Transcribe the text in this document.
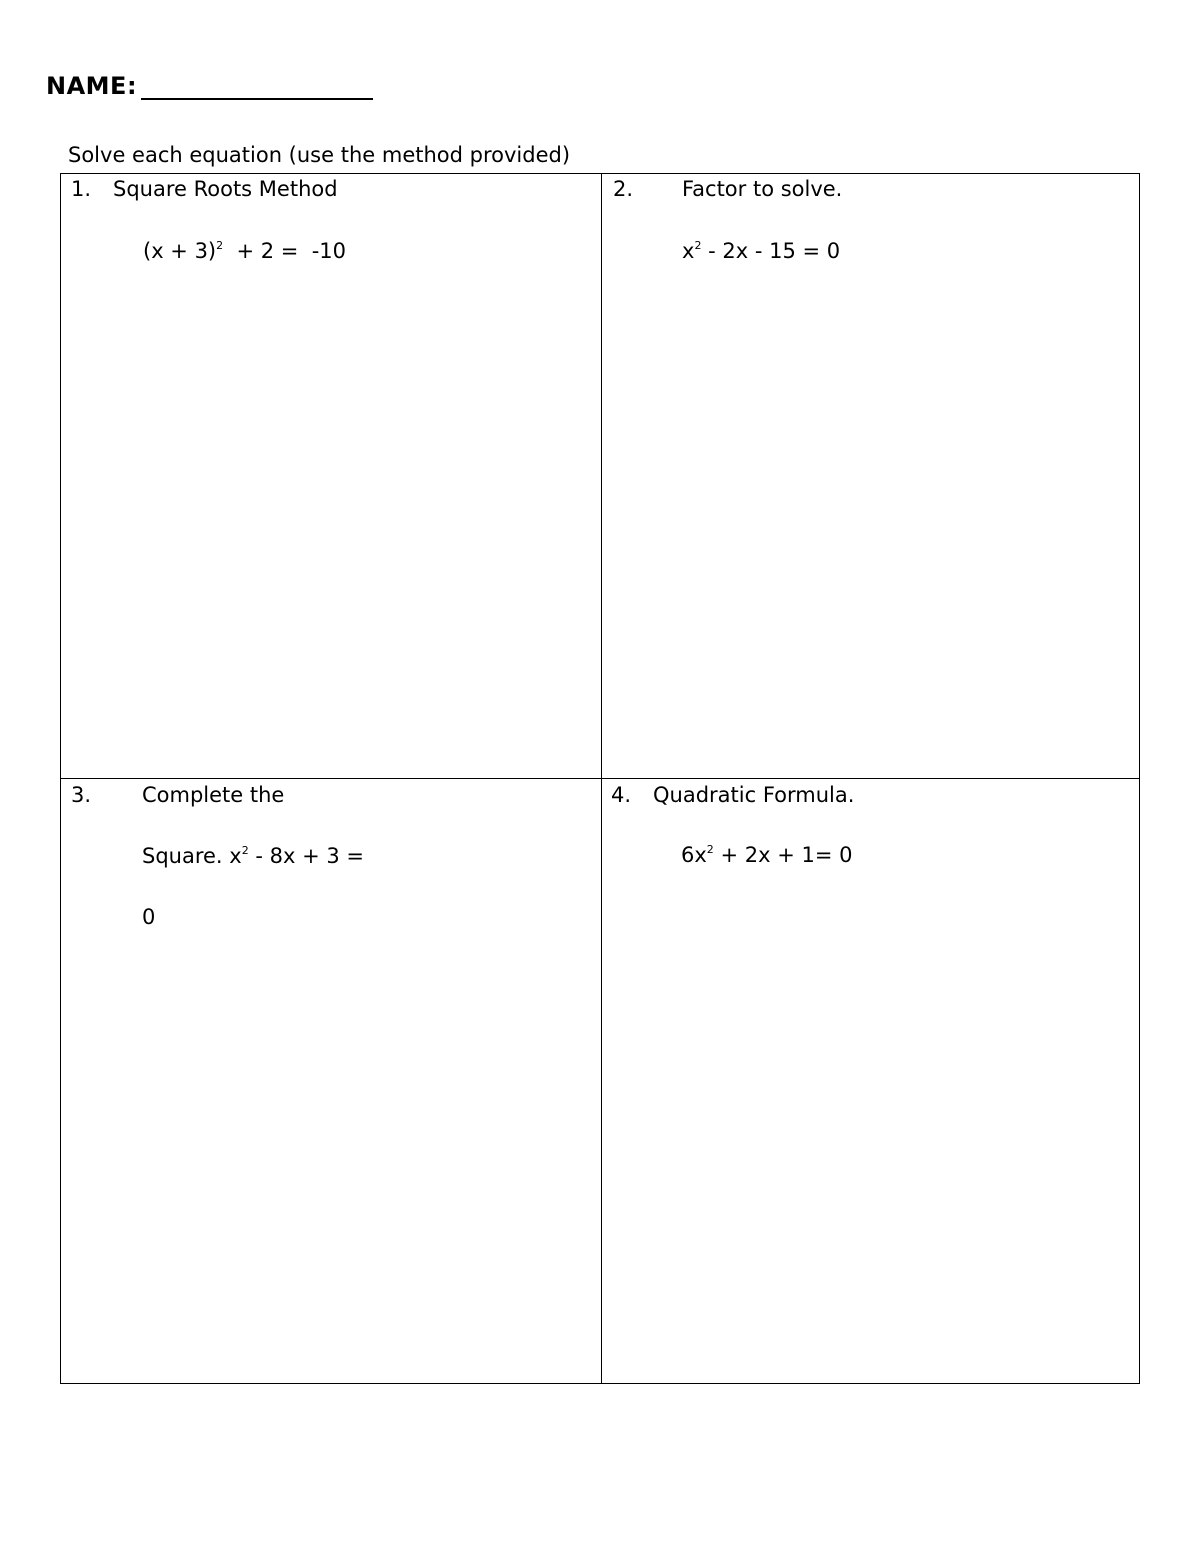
NAME:
Solve each equation (use the method provided)
1. Square Roots Method
$(x + 3)^2 + 2 = -10$
2. Factor to solve.
$x^2 - 2x - 15 = 0$
3. Complete the
Square. $x^2 - 8x + 3$ =
0
4. Quadratic Formula.
$6x^2 + 2x + 1= 0$
